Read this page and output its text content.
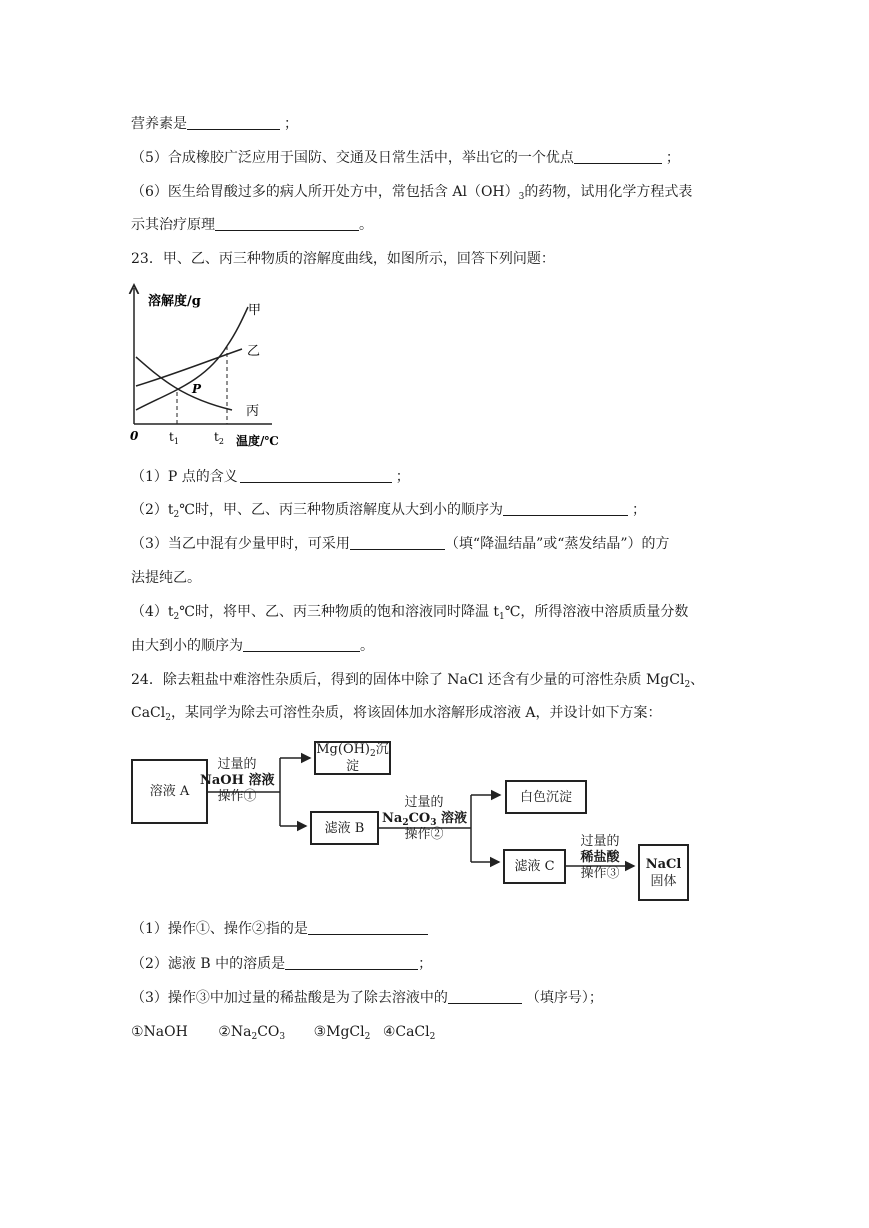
营养素是	；
（5）合成橡胶广泛应用于国防、交通及日常生活中，举出它的一个优点	；
（6）医生给胃酸过多的病人所开处方中，常包括含 $Al(OH)_3$的药物，试用化学方程式表
示其治疗原理	。
23．甲、乙、丙三种物质的溶解度曲线，如图所示，回答下列问题：
溶解度/g
0	温度/℃
$t_1$	$t_2$
甲
乙
丙
P
（1）P 点的含义	；
$(2)t_2℃$时，甲、乙、丙三种物质溶解度从大到小的顺序为	；
（3）当乙中混有少量甲时，可采用	（填“降温结晶”或“蒸发结晶”）的方
法提纯乙。
$(4)t_2℃$时，将甲、乙、丙三种物质的饱和溶液同时降温 $t_1℃$，所得溶液中溶质质量分数
由大到小的顺序为	。
24．除去粗盐中难溶性杂质后，得到的固体中除了 NaCl 还含有少量的可溶性杂质 MgCl$_2$、
CaCl$_2$，某同学为除去可溶性杂质，将该固体加水溶解形成溶液 A，并设计如下方案：
溶液 A
过量的
NaOH 溶液
操作①
$Mg(OH)_2$沉淀
滤液 B
过量的
$Na_2CO_3$ 溶液
操作②
白色沉淀
滤液 C
过量的
稀盐酸
操作③
NaCl
固体
（1）操作①、操作②指的是
（2）滤液 B 中的溶质是	；
（3）操作③中加过量的稀盐酸是为了除去溶液中的	（填序号）；
①NaOH $②Na_2CO_3$ ③MgCl$_2$ ④CaCl$_2$
